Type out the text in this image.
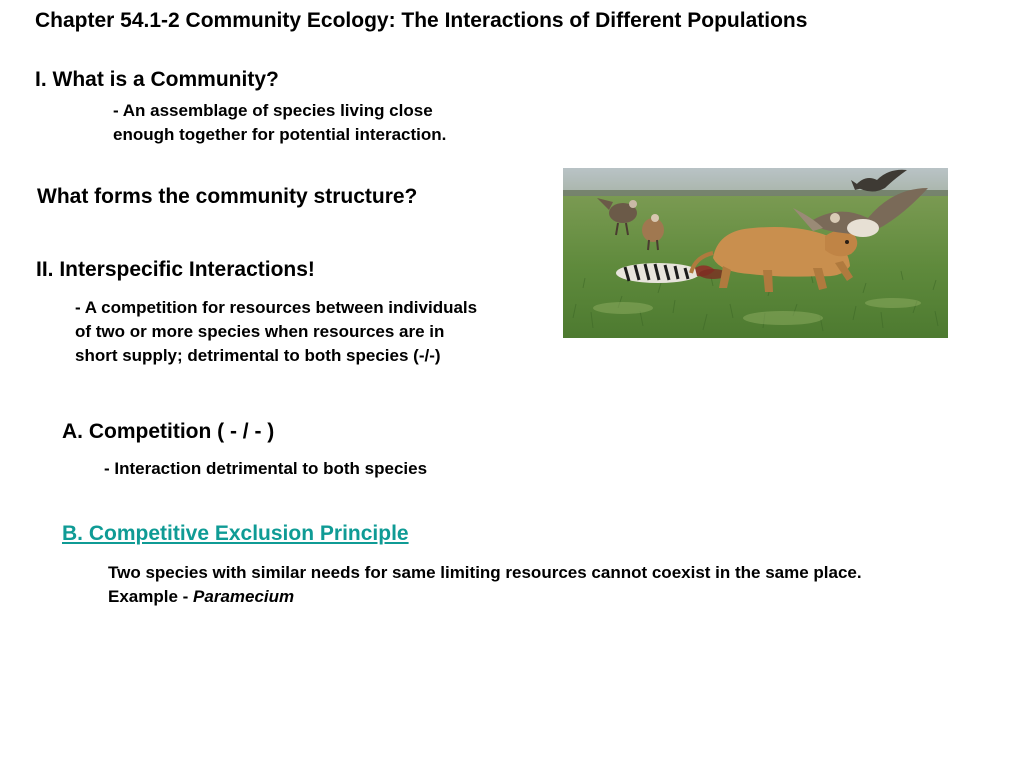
Chapter 54.1-2 Community Ecology: The Interactions of Different Populations
I. What is a Community?

- An assemblage of species living close enough together for potential interaction.

What forms the community structure?
II. Interspecific Interactions!

- A competition for resources between individuals of two or more species when resources are in short supply; detrimental to both species (-/-)

A. Competition ( - / - )

- Interaction detrimental to both species

B. Competitive Exclusion Principle

Two species with similar needs for same limiting resources cannot coexist in the same place. Example - Paramecium
